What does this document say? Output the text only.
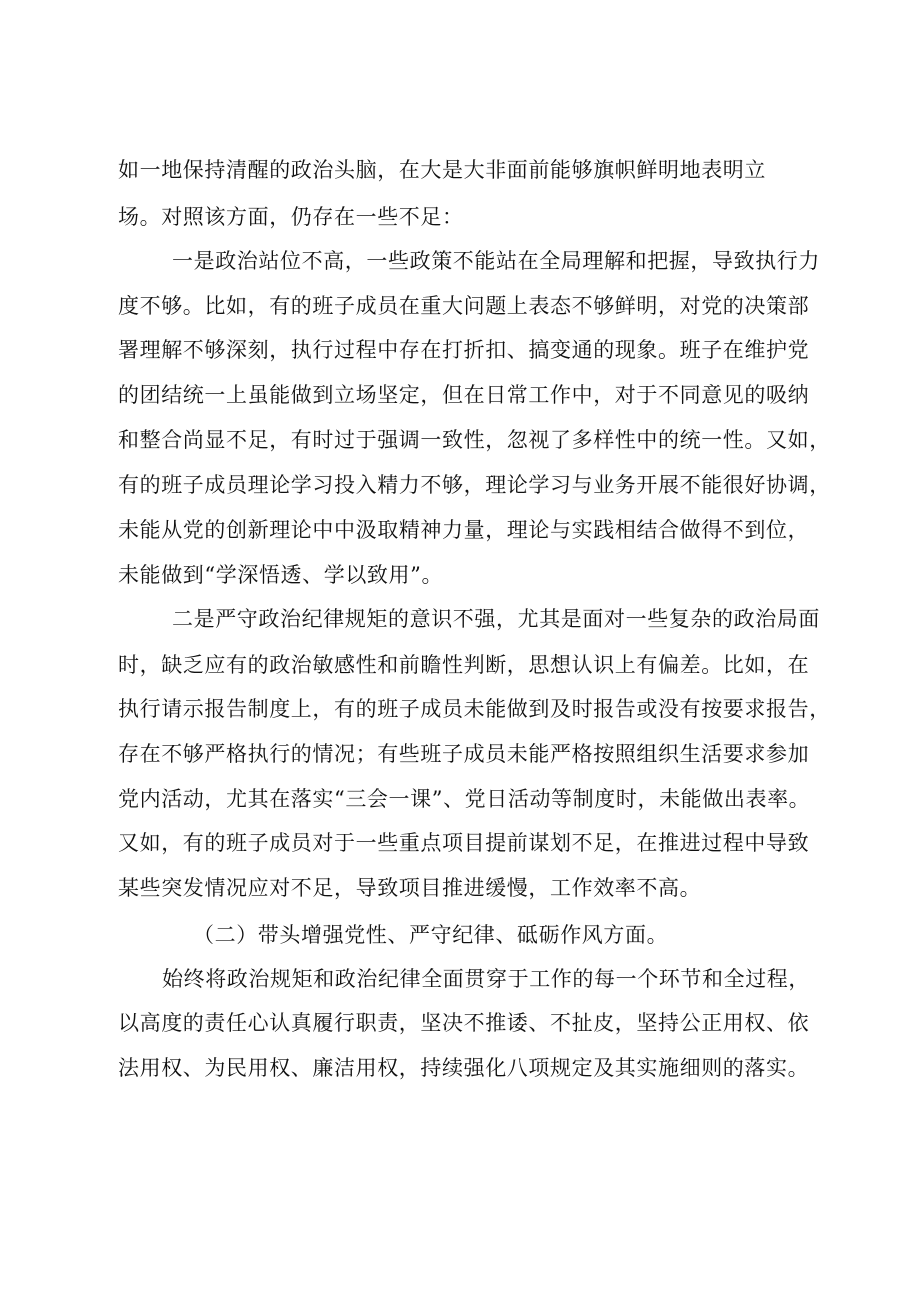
如一地保持清醒的政治头脑，在大是大非面前能够旗帜鲜明地表明立
场。对照该方面，仍存在一些不足：
一是政治站位不高，一些政策不能站在全局理解和把握，导致执行力
度不够。比如，有的班子成员在重大问题上表态不够鲜明，对党的决策部
署理解不够深刻，执行过程中存在打折扣、搞变通的现象。班子在维护党
的团结统一上虽能做到立场坚定，但在日常工作中，对于不同意见的吸纳
和整合尚显不足，有时过于强调一致性，忽视了多样性中的统一性。又如，
有的班子成员理论学习投入精力不够，理论学习与业务开展不能很好协调，
未能从党的创新理论中中汲取精神力量，理论与实践相结合做得不到位，
未能做到“学深悟透、学以致用”。
二是严守政治纪律规矩的意识不强，尤其是面对一些复杂的政治局面
时，缺乏应有的政治敏感性和前瞻性判断，思想认识上有偏差。比如，在
执行请示报告制度上，有的班子成员未能做到及时报告或没有按要求报告，
存在不够严格执行的情况；有些班子成员未能严格按照组织生活要求参加
党内活动，尤其在落实“三会一课”、党日活动等制度时，未能做出表率。
又如，有的班子成员对于一些重点项目提前谋划不足，在推进过程中导致
某些突发情况应对不足，导致项目推进缓慢，工作效率不高。
（二）带头增强党性、严守纪律、砥砺作风方面。
始终将政治规矩和政治纪律全面贯穿于工作的每一个环节和全过程，
以高度的责任心认真履行职责，坚决不推诿、不扯皮，坚持公正用权、依
法用权、为民用权、廉洁用权，持续强化八项规定及其实施细则的落实。
